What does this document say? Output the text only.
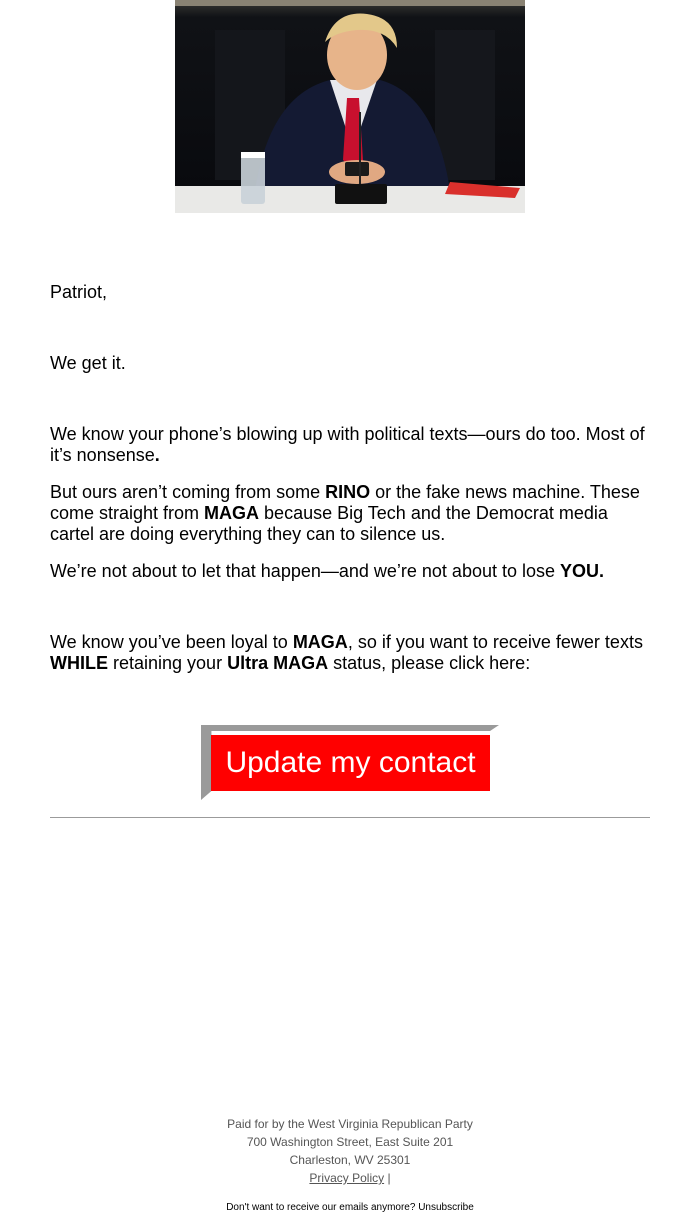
Patriot,

We get it.

We know your phone’s blowing up with political texts—ours do too. Most of it’s nonsense.

But ours aren’t coming from some RINO or the fake news machine. These come straight from MAGA because Big Tech and the Democrat media cartel are doing everything they can to silence us.

We’re not about to let that happen—and we’re not about to lose YOU.

We know you’ve been loyal to MAGA, so if you want to receive fewer texts WHILE retaining your Ultra MAGA status, please click here:

Update my contact
Paid for by the West Virginia Republican Party
700 Washington Street, East Suite 201
Charleston, WV 25301
Privacy Policy |
Don't want to receive our emails anymore? Unsubscribe
